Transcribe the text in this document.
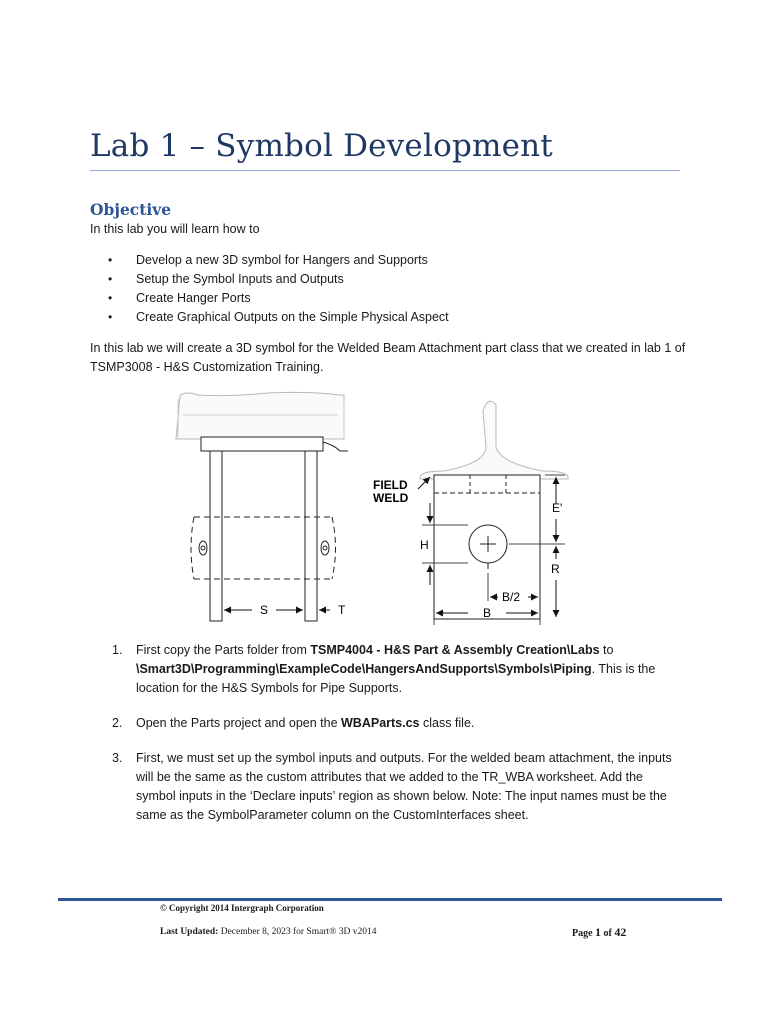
Lab 1 – Symbol Development
Objective
In this lab you will learn how to
• Develop a new 3D symbol for Hangers and Supports
• Setup the Symbol Inputs and Outputs
• Create Hanger Ports
• Create Graphical Outputs on the Simple Physical Aspect
In this lab we will create a 3D symbol for the Welded Beam Attachment part class that we created in lab 1 of TSMP3008 - H&S Customization Training.
S	T
FIELD
WELD
E'
H
R
B/2
B
1. First copy the Parts folder from TSMP4004 - H&S Part & Assembly Creation\Labs to \Smart3D\Programming\ExampleCode\HangersAndSupports\Symbols\Piping. This is the location for the H&S Symbols for Pipe Supports.
2. Open the Parts project and open the WBAParts.cs class file.
3. First, we must set up the symbol inputs and outputs. For the welded beam attachment, the inputs will be the same as the custom attributes that we added to the TR_WBA worksheet. Add the symbol inputs in the ‘Declare inputs’ region as shown below. Note: The input names must be the same as the SymbolParameter column on the CustomInterfaces sheet.
© Copyright 2014 Intergraph Corporation
Last Updated: December 8, 2023 for Smart® 3D v2014	Page 1 of 42
